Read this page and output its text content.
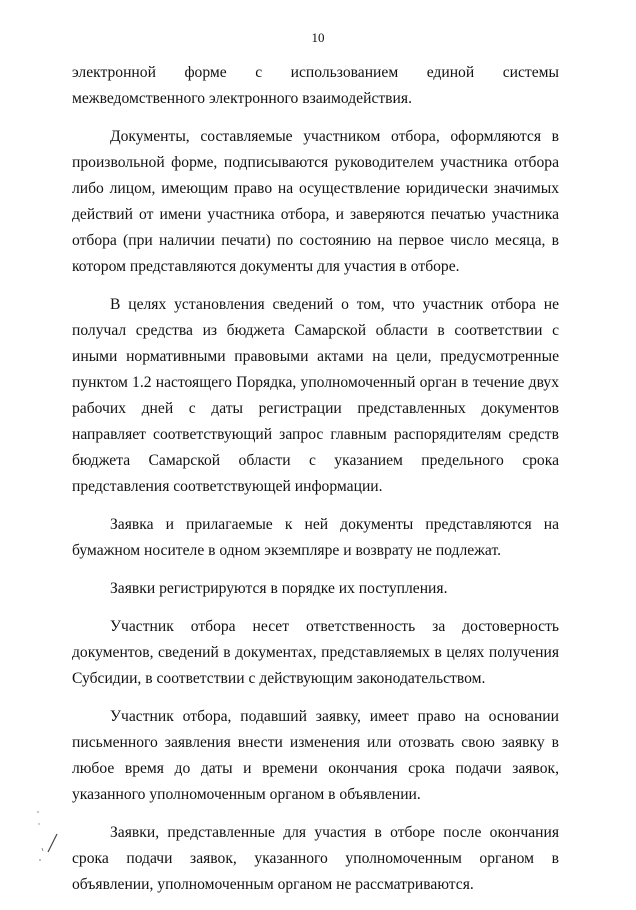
10

электронной форме с использованием единой системы межведомственного электронного взаимодействия.

Документы, составляемые участником отбора, оформляются в произвольной форме, подписываются руководителем участника отбора либо лицом, имеющим право на осуществление юридически значимых действий от имени участника отбора, и заверяются печатью участника отбора (при наличии печати) по состоянию на первое число месяца, в котором представляются документы для участия в отборе.

В целях установления сведений о том, что участник отбора не получал средства из бюджета Самарской области в соответствии с иными нормативными правовыми актами на цели, предусмотренные пунктом 1.2 настоящего Порядка, уполномоченный орган в течение двух рабочих дней с даты регистрации представленных документов направляет соответствующий запрос главным распорядителям средств бюджета Самарской области с указанием предельного срока представления соответствующей информации.

Заявка и прилагаемые к ней документы представляются на бумажном носителе в одном экземпляре и возврату не подлежат.

Заявки регистрируются в порядке их поступления.

Участник отбора несет ответственность за достоверность документов, сведений в документах, представляемых в целях получения Субсидии, в соответствии с действующим законодательством.

Участник отбора, подавший заявку, имеет право на основании письменного заявления внести изменения или отозвать свою заявку в любое время до даты и времени окончания срока подачи заявок, указанного уполномоченным органом в объявлении.

Заявки, представленные для участия в отборе после окончания срока подачи заявок, указанного уполномоченным органом в объявлении, уполномоченным органом не рассматриваются.
